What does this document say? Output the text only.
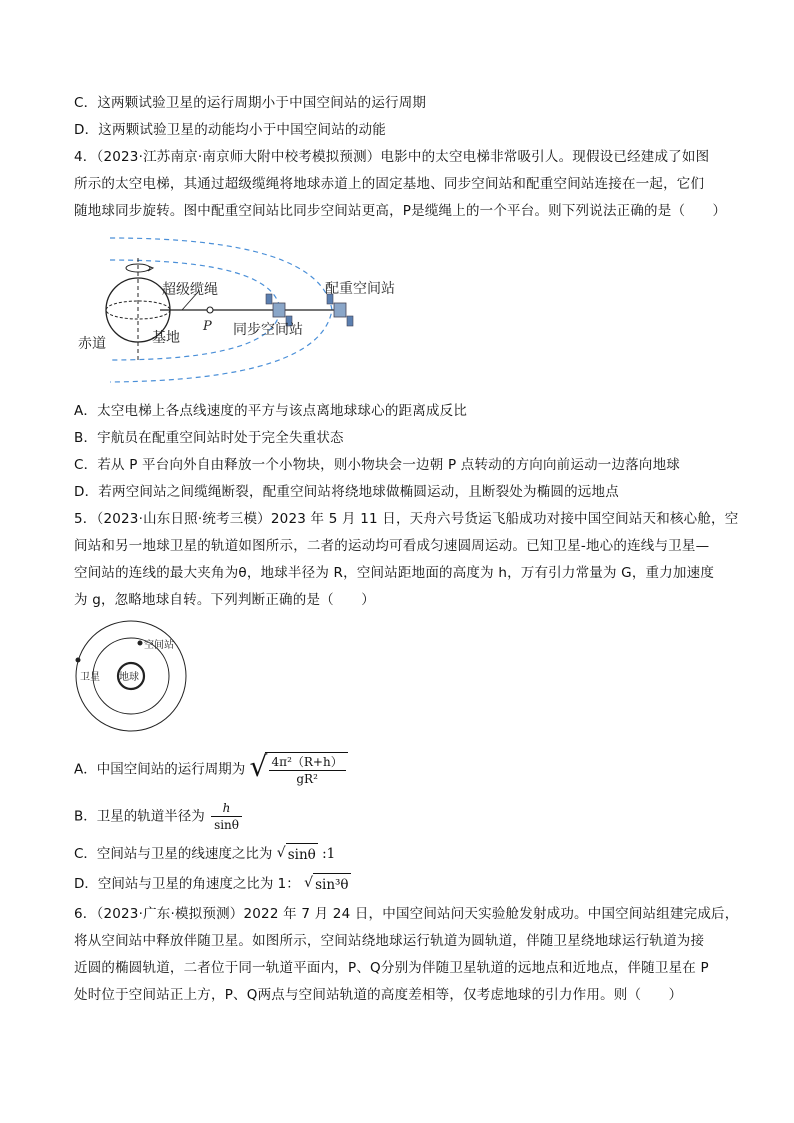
C．这两颗试验卫星的运行周期小于中国空间站的运行周期
D．这两颗试验卫星的动能均小于中国空间站的动能
4．（2023·江苏南京·南京师大附中校考模拟预测）电影中的太空电梯非常吸引人。现假设已经建成了如图
所示的太空电梯，其通过超级缆绳将地球赤道上的固定基地、同步空间站和配重空间站连接在一起，它们
随地球同步旋转。图中配重空间站比同步空间站更高，P是缆绳上的一个平台。则下列说法正确的是（　　）
超级缆绳
P 同步空间站
配重空间站
赤道	基地
A．太空电梯上各点线速度的平方与该点离地球球心的距离成反比
B．宇航员在配重空间站时处于完全失重状态
C．若从 P 平台向外自由释放一个小物块，则小物块会一边朝 P 点转动的方向向前运动一边落向地球
D．若两空间站之间缆绳断裂，配重空间站将绕地球做椭圆运动，且断裂处为椭圆的远地点
5．（2023·山东日照·统考三模）2023 年 5 月 11 日，天舟六号货运飞船成功对接中国空间站天和核心舱，空
间站和另一地球卫星的轨道如图所示，二者的运动均可看成匀速圆周运动。已知卫星-地心的连线与卫星—
空间站的连线的最大夹角为θ，地球半径为 R，空间站距地面的高度为 h，万有引力常量为 G，重力加速度
为 g，忽略地球自转。下列判断正确的是（　　）
地球
空间站
卫星
A．中国空间站的运行周期为 √ $\frac{\text{4π²（R+h）}}{\text{gR²}}$
B．卫星的轨道半径为 $\frac{h}{\sin\theta}$
C．空间站与卫星的线速度之比为 √ sinθ :1
D．空间站与卫星的角速度之比为 1： √ sin³θ
6．（2023·广东·模拟预测）2022 年 7 月 24 日，中国空间站问天实验舱发射成功。中国空间站组建完成后，
将从空间站中释放伴随卫星。如图所示，空间站绕地球运行轨道为圆轨道，伴随卫星绕地球运行轨道为接
近圆的椭圆轨道，二者位于同一轨道平面内，P、Q分别为伴随卫星轨道的远地点和近地点，伴随卫星在 P
处时位于空间站正上方，P、Q两点与空间站轨道的高度差相等，仅考虑地球的引力作用。则（　　）
